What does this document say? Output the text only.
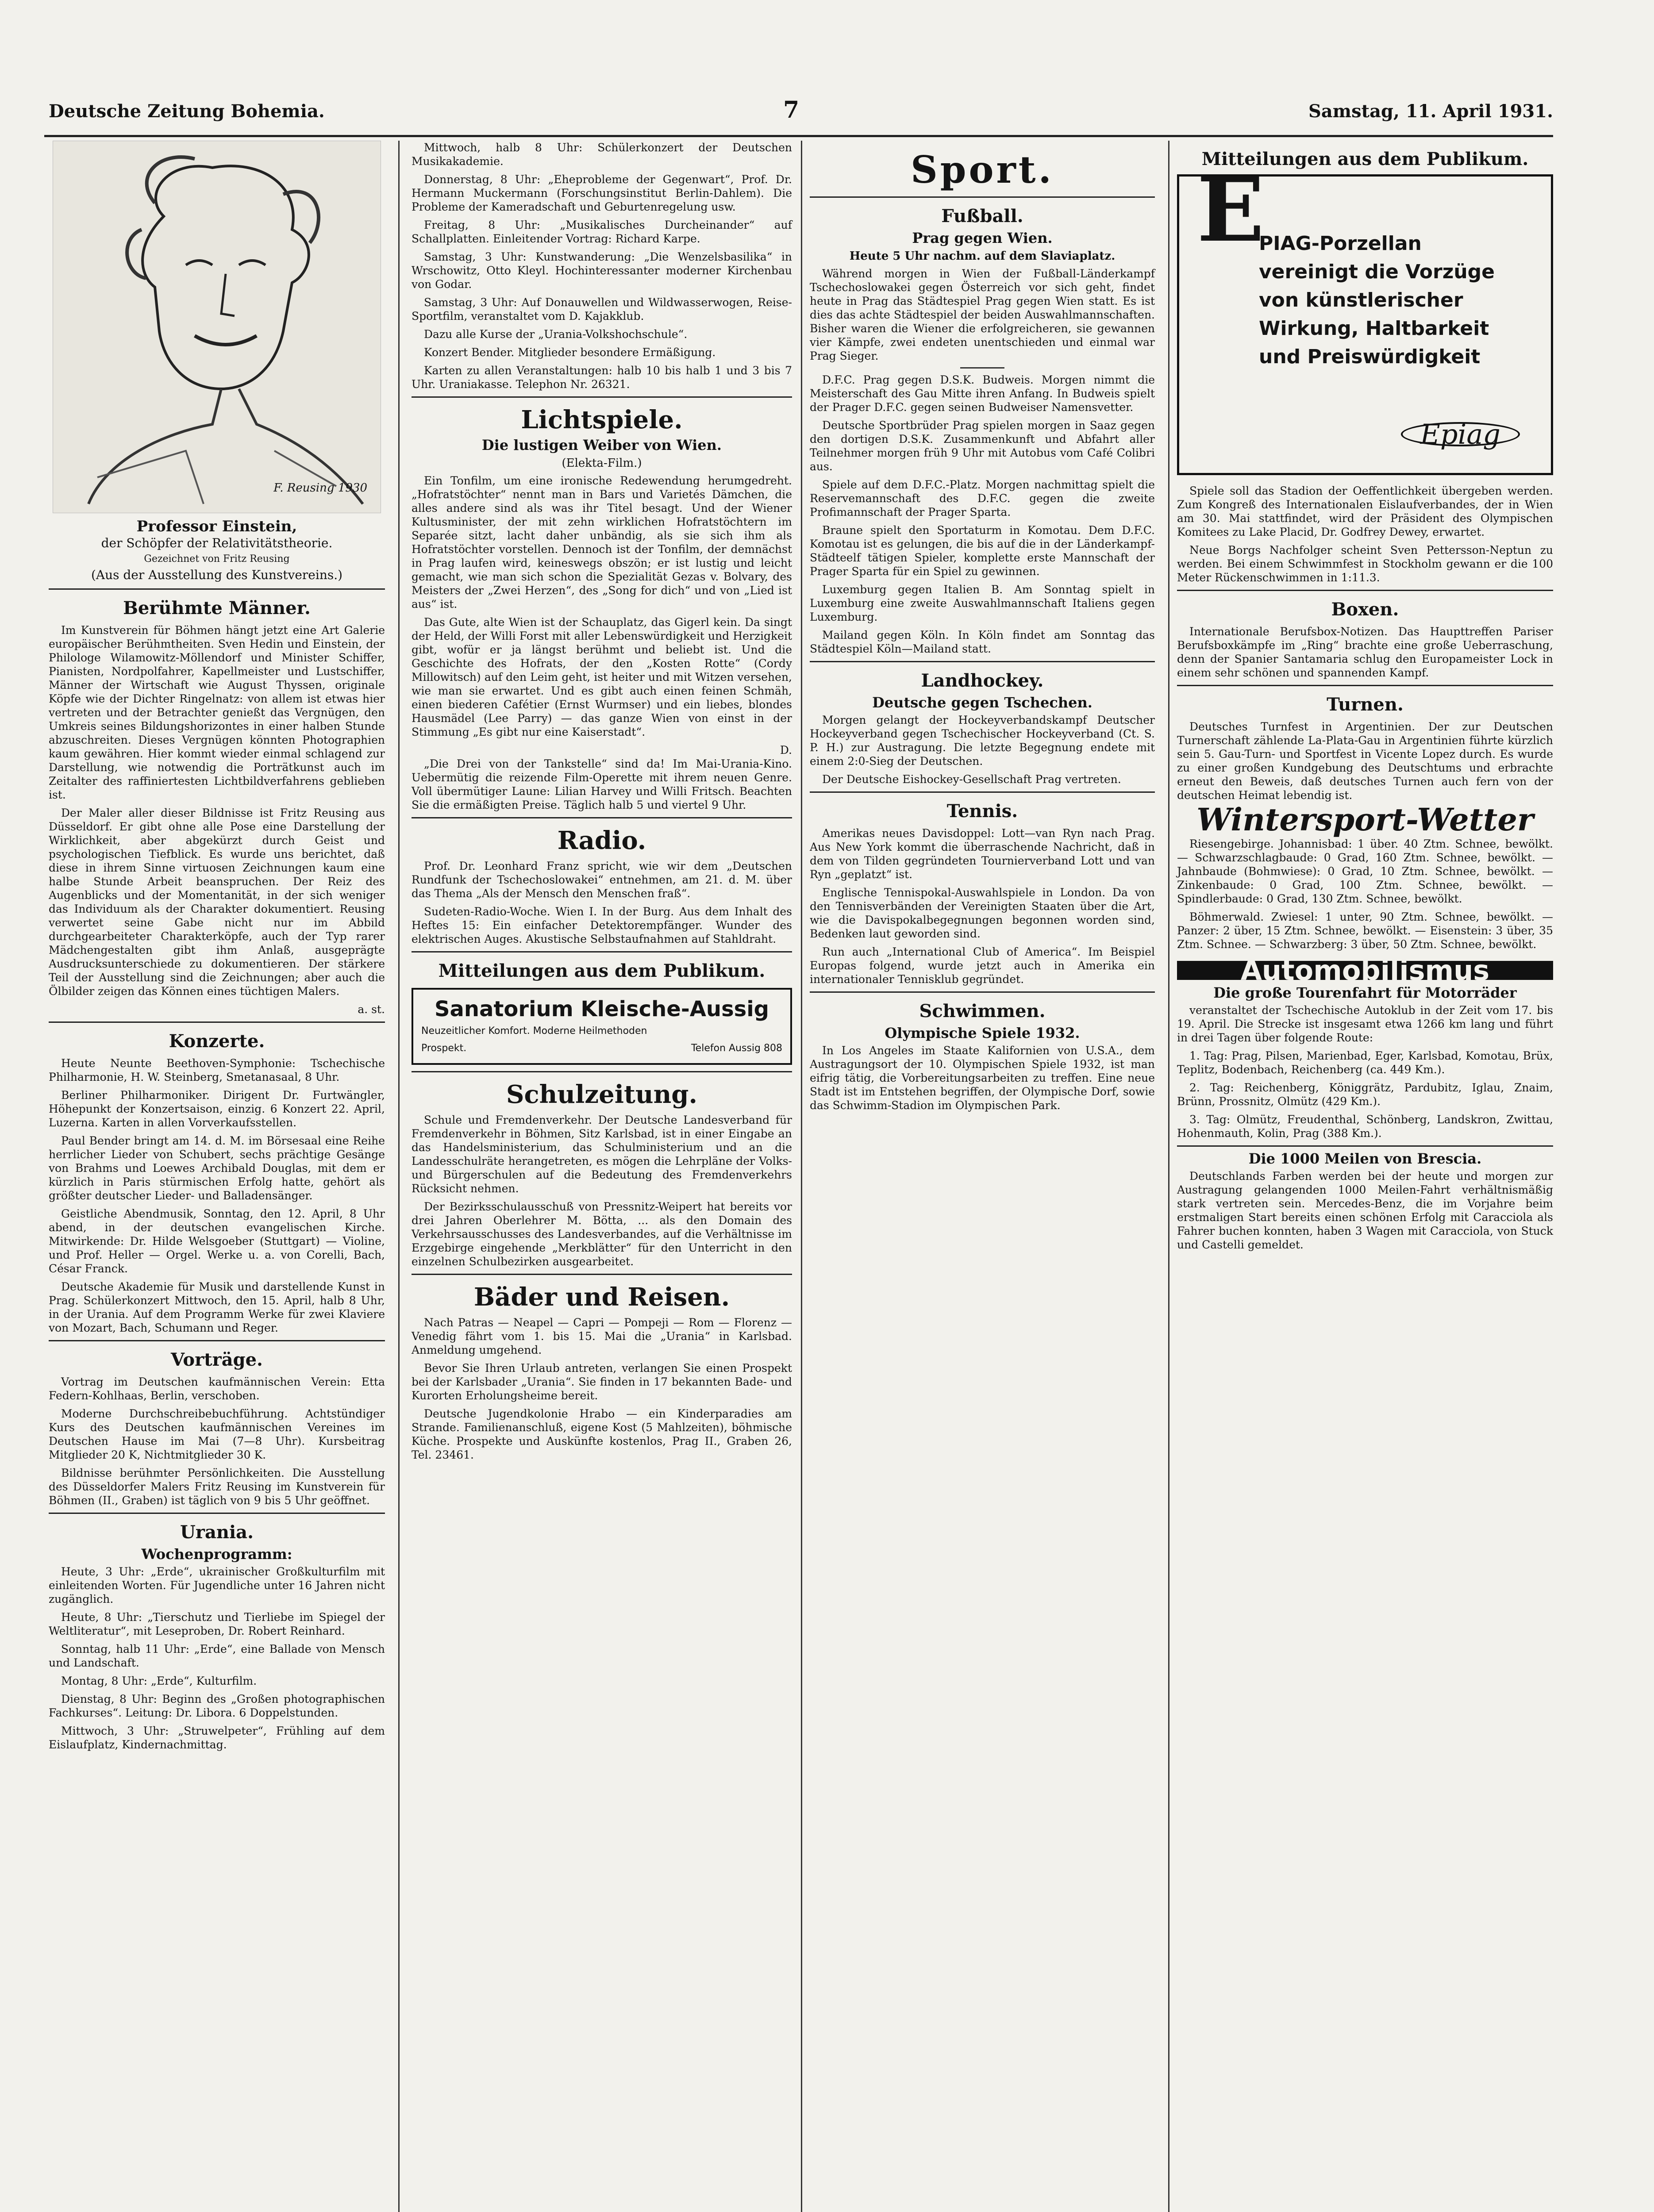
Deutsche Zeitung Bohemia.	7	Samstag, 11. April 1931.
F. Reusing 1930
Professor Einstein,
der Schöpfer der Relativitätstheorie.
Gezeichnet von Fritz Reusing
(Aus der Ausstellung des Kunstvereins.)
Berühmte Männer.

Im Kunstverein für Böhmen hängt jetzt eine Art Galerie europäischer Berühmtheiten. Sven Hedin und Einstein, der Philologe Wilamowitz-Möllendorf und Minister Schiffer, Pianisten, Nordpolfahrer, Kapellmeister und Lustschiffer, Männer der Wirtschaft wie August Thyssen, originale Köpfe wie der Dichter Ringelnatz: von allem ist etwas hier vertreten und der Betrachter genießt das Vergnügen, den Umkreis seines Bildungshorizontes in einer halben Stunde abzuschreiten. Dieses Vergnügen könnten Photographien kaum gewähren. Hier kommt wieder einmal schlagend zur Darstellung, wie notwendig die Porträtkunst auch im Zeitalter des raffiniertesten Lichtbildverfahrens geblieben ist.

Der Maler aller dieser Bildnisse ist Fritz Reusing aus Düsseldorf. Er gibt ohne alle Pose eine Darstellung der Wirklichkeit, aber abgekürzt durch Geist und psychologischen Tiefblick. Es wurde uns berichtet, daß diese in ihrem Sinne virtuosen Zeichnungen kaum eine halbe Stunde Arbeit beanspruchen. Der Reiz des Augenblicks und der Momentanität, in der sich weniger das Individuum als der Charakter dokumentiert. Reusing verwertet seine Gabe nicht nur im Abbild durchgearbeiteter Charakterköpfe, auch der Typ rarer Mädchengestalten gibt ihm Anlaß, ausgeprägte Ausdrucksunterschiede zu dokumentieren. Der stärkere Teil der Ausstellung sind die Zeichnungen; aber auch die Ölbilder zeigen das Können eines tüchtigen Malers.

a. st.
Konzerte.

Heute Neunte Beethoven-Symphonie: Tschechische Philharmonie, H. W. Steinberg, Smetanasaal, 8 Uhr.

Berliner Philharmoniker. Dirigent Dr. Furtwängler, Höhepunkt der Konzertsaison, einzig. 6 Konzert 22. April, Luzerna. Karten in allen Vorverkaufsstellen.

Paul Bender bringt am 14. d. M. im Börsesaal eine Reihe herrlicher Lieder von Schubert, sechs prächtige Gesänge von Brahms und Loewes Archibald Douglas, mit dem er kürzlich in Paris stürmischen Erfolg hatte, gehört als größter deutscher Lieder- und Balladensänger.

Geistliche Abendmusik, Sonntag, den 12. April, 8 Uhr abend, in der deutschen evangelischen Kirche. Mitwirkende: Dr. Hilde Welsgoeber (Stuttgart) — Violine, und Prof. Heller — Orgel. Werke u. a. von Corelli, Bach, César Franck.

Deutsche Akademie für Musik und darstellende Kunst in Prag. Schülerkonzert Mittwoch, den 15. April, halb 8 Uhr, in der Urania. Auf dem Programm Werke für zwei Klaviere von Mozart, Bach, Schumann und Reger.

Vorträge.

Vortrag im Deutschen kaufmännischen Verein: Etta Federn-Kohlhaas, Berlin, verschoben.

Moderne Durchschreibebuchführung. Achtstündiger Kurs des Deutschen kaufmännischen Vereines im Deutschen Hause im Mai (7—8 Uhr). Kursbeitrag Mitglieder 20 K, Nichtmitglieder 30 K.

Bildnisse berühmter Persönlichkeiten. Die Ausstellung des Düsseldorfer Malers Fritz Reusing im Kunstverein für Böhmen (II., Graben) ist täglich von 9 bis 5 Uhr geöffnet.

Urania.
Wochenprogramm:

Heute, 3 Uhr: „Erde“, ukrainischer Großkulturfilm mit einleitenden Worten. Für Jugendliche unter 16 Jahren nicht zugänglich.

Heute, 8 Uhr: „Tierschutz und Tierliebe im Spiegel der Weltliteratur“, mit Leseproben, Dr. Robert Reinhard.

Sonntag, halb 11 Uhr: „Erde“, eine Ballade von Mensch und Landschaft.

Montag, 8 Uhr: „Erde“, Kulturfilm.

Dienstag, 8 Uhr: Beginn des „Großen photographischen Fachkurses“. Leitung: Dr. Libora. 6 Doppelstunden.

Mittwoch, 3 Uhr: „Struwelpeter“, Frühling auf dem Eislaufplatz, Kindernachmittag.

Mittwoch, halb 8 Uhr: Schülerkonzert der Deutschen Musikakademie.

Donnerstag, 8 Uhr: „Eheprobleme der Gegenwart“, Prof. Dr. Hermann Muckermann (Forschungsinstitut Berlin-Dahlem). Die Probleme der Kameradschaft und Geburtenregelung usw.

Freitag, 8 Uhr: „Musikalisches Durcheinander“ auf Schallplatten. Einleitender Vortrag: Richard Karpe.

Samstag, 3 Uhr: Kunstwanderung: „Die Wenzelsbasilika“ in Wrschowitz, Otto Kleyl. Hochinteressanter moderner Kirchenbau von Godar.

Samstag, 3 Uhr: Auf Donauwellen und Wildwasserwogen, Reise-Sportfilm, veranstaltet vom D. Kajakklub.

Dazu alle Kurse der „Urania-Volkshochschule“.

Konzert Bender. Mitglieder besondere Ermäßigung.

Karten zu allen Veranstaltungen: halb 10 bis halb 1 und 3 bis 7 Uhr. Uraniakasse. Telephon Nr. 26321.

Lichtspiele.
Die lustigen Weiber von Wien.
(Elekta-Film.)

Ein Tonfilm, um eine ironische Redewendung herumgedreht. „Hofratstöchter“ nennt man in Bars und Varietés Dämchen, die alles andere sind als was ihr Titel besagt. Und der Wiener Kultusminister, der mit zehn wirklichen Hofratstöchtern im Separée sitzt, lacht daher unbändig, als sie sich ihm als Hofratstöchter vorstellen. Dennoch ist der Tonfilm, der demnächst in Prag laufen wird, keineswegs obszön; er ist lustig und leicht gemacht, wie man sich schon die Spezialität Gezas v. Bolvary, des Meisters der „Zwei Herzen“, des „Song for dich“ und von „Lied ist aus“ ist.

Das Gute, alte Wien ist der Schauplatz, das Gigerl kein. Da singt der Held, der Willi Forst mit aller Lebenswürdigkeit und Herzigkeit gibt, wofür er ja längst berühmt und beliebt ist. Und die Geschichte des Hofrats, der den „Kosten Rotte“ (Cordy Millowitsch) auf den Leim geht, ist heiter und mit Witzen versehen, wie man sie erwartet. Und es gibt auch einen feinen Schmäh, einen biederen Cafétier (Ernst Wurmser) und ein liebes, blondes Hausmädel (Lee Parry) — das ganze Wien von einst in der Stimmung „Es gibt nur eine Kaiserstadt“.

D.

„Die Drei von der Tankstelle“ sind da! Im Mai-Urania-Kino. Uebermütig die reizende Film-Operette mit ihrem neuen Genre. Voll übermütiger Laune: Lilian Harvey und Willi Fritsch. Beachten Sie die ermäßigten Preise. Täglich halb 5 und viertel 9 Uhr.

Radio.

Prof. Dr. Leonhard Franz spricht, wie wir dem „Deutschen Rundfunk der Tschechoslowakei“ entnehmen, am 21. d. M. über das Thema „Als der Mensch den Menschen fraß“.

Sudeten-Radio-Woche. Wien I. In der Burg. Aus dem Inhalt des Heftes 15: Ein einfacher Detektorempfänger. Wunder des elektrischen Auges. Akustische Selbstaufnahmen auf Stahldraht.

Mitteilungen aus dem Publikum.
Sanatorium Kleische-Aussig
Neuzeitlicher Komfort. Moderne Heilmethoden
Prospekt.	Telefon Aussig 808
Schulzeitung.

Schule und Fremdenverkehr. Der Deutsche Landesverband für Fremdenverkehr in Böhmen, Sitz Karlsbad, ist in einer Eingabe an das Handelsministerium, das Schulministerium und an die Landesschulräte herangetreten, es mögen die Lehrpläne der Volks- und Bürgerschulen auf die Bedeutung des Fremdenverkehrs Rücksicht nehmen.

Der Bezirksschulausschuß von Pressnitz-Weipert hat bereits vor drei Jahren Oberlehrer M. Bötta, ... als den Domain des Verkehrsausschusses des Landesverbandes, auf die Verhältnisse im Erzgebirge eingehende „Merkblätter“ für den Unterricht in den einzelnen Schulbezirken ausgearbeitet.

Bäder und Reisen.

Nach Patras — Neapel — Capri — Pompeji — Rom — Florenz — Venedig fährt vom 1. bis 15. Mai die „Urania“ in Karlsbad. Anmeldung umgehend.

Bevor Sie Ihren Urlaub antreten, verlangen Sie einen Prospekt bei der Karlsbader „Urania“. Sie finden in 17 bekannten Bade- und Kurorten Erholungsheime bereit.

Deutsche Jugendkolonie Hrabo — ein Kinderparadies am Strande. Familienanschluß, eigene Kost (5 Mahlzeiten), böhmische Küche. Prospekte und Auskünfte kostenlos, Prag II., Graben 26, Tel. 23461.

Sport.
Fußball.
Prag gegen Wien.
Heute 5 Uhr nachm. auf dem Slaviaplatz.

Während morgen in Wien der Fußball-Länderkampf Tschechoslowakei gegen Österreich vor sich geht, findet heute in Prag das Städtespiel Prag gegen Wien statt. Es ist dies das achte Städtespiel der beiden Auswahlmannschaften. Bisher waren die Wiener die erfolgreicheren, sie gewannen vier Kämpfe, zwei endeten unentschieden und einmal war Prag Sieger.

D.F.C. Prag gegen D.S.K. Budweis. Morgen nimmt die Meisterschaft des Gau Mitte ihren Anfang. In Budweis spielt der Prager D.F.C. gegen seinen Budweiser Namensvetter.

Deutsche Sportbrüder Prag spielen morgen in Saaz gegen den dortigen D.S.K. Zusammenkunft und Abfahrt aller Teilnehmer morgen früh 9 Uhr mit Autobus vom Café Colibri aus.

Spiele auf dem D.F.C.-Platz. Morgen nachmittag spielt die Reservemannschaft des D.F.C. gegen die zweite Profimannschaft der Prager Sparta.

Braune spielt den Sportaturm in Komotau. Dem D.F.C. Komotau ist es gelungen, die bis auf die in der Länderkampf-Städteelf tätigen Spieler, komplette erste Mannschaft der Prager Sparta für ein Spiel zu gewinnen.

Luxemburg gegen Italien B. Am Sonntag spielt in Luxemburg eine zweite Auswahlmannschaft Italiens gegen Luxemburg.

Mailand gegen Köln. In Köln findet am Sonntag das Städtespiel Köln—Mailand statt.

Landhockey.
Deutsche gegen Tschechen.

Morgen gelangt der Hockeyverbandskampf Deutscher Hockeyverband gegen Tschechischer Hockeyverband (Ct. S. P. H.) zur Austragung. Die letzte Begegnung endete mit einem 2:0-Sieg der Deutschen.

Der Deutsche Eishockey-Gesellschaft Prag vertreten.

Tennis.

Amerikas neues Davisdoppel: Lott—van Ryn nach Prag. Aus New York kommt die überraschende Nachricht, daß in dem von Tilden gegründeten Tournierverband Lott und van Ryn „geplatzt“ ist.

Englische Tennispokal-Auswahlspiele in London. Da von den Tennisverbänden der Vereinigten Staaten über die Art, wie die Davispokalbegegnungen begonnen worden sind, Bedenken laut geworden sind.

Run auch „International Club of America“. Im Beispiel Europas folgend, wurde jetzt auch in Amerika ein internationaler Tennisklub gegründet.

Schwimmen.
Olympische Spiele 1932.

In Los Angeles im Staate Kalifornien von U.S.A., dem Austragungsort der 10. Olympischen Spiele 1932, ist man eifrig tätig, die Vorbereitungsarbeiten zu treffen. Eine neue Stadt ist im Entstehen begriffen, der Olympische Dorf, sowie das Schwimm-Stadion im Olympischen Park.

Mitteilungen aus dem Publikum.
E
PIAG-Porzellan
vereinigt die Vorzüge
von künstlerischer
Wirkung, Haltbarkeit
und Preiswürdigkeit
Epiag

Spiele soll das Stadion der Oeffentlichkeit übergeben werden. Zum Kongreß des Internationalen Eislaufverbandes, der in Wien am 30. Mai stattfindet, wird der Präsident des Olympischen Komitees zu Lake Placid, Dr. Godfrey Dewey, erwartet.

Neue Borgs Nachfolger scheint Sven Pettersson-Neptun zu werden. Bei einem Schwimmfest in Stockholm gewann er die 100 Meter Rückenschwimmen in 1:11.3.

Boxen.

Internationale Berufsbox-Notizen. Das Haupttreffen Pariser Berufsboxkämpfe im „Ring“ brachte eine große Ueberraschung, denn der Spanier Santamaria schlug den Europameister Lock in einem sehr schönen und spannenden Kampf.

Turnen.

Deutsches Turnfest in Argentinien. Der zur Deutschen Turnerschaft zählende La-Plata-Gau in Argentinien führte kürzlich sein 5. Gau-Turn- und Sportfest in Vicente Lopez durch. Es wurde zu einer großen Kundgebung des Deutschtums und erbrachte erneut den Beweis, daß deutsches Turnen auch fern von der deutschen Heimat lebendig ist.

Wintersport-Wetter

Riesengebirge. Johannisbad: 1 über. 40 Ztm. Schnee, bewölkt. — Schwarzschlagbaude: 0 Grad, 160 Ztm. Schnee, bewölkt. — Jahnbaude (Bohmwiese): 0 Grad, 10 Ztm. Schnee, bewölkt. — Zinkenbaude: 0 Grad, 100 Ztm. Schnee, bewölkt. — Spindlerbaude: 0 Grad, 130 Ztm. Schnee, bewölkt.

Böhmerwald. Zwiesel: 1 unter, 90 Ztm. Schnee, bewölkt. — Panzer: 2 über, 15 Ztm. Schnee, bewölkt. — Eisenstein: 3 über, 35 Ztm. Schnee. — Schwarzberg: 3 über, 50 Ztm. Schnee, bewölkt.

Automobilismus
Die große Tourenfahrt für Motorräder

veranstaltet der Tschechische Autoklub in der Zeit vom 17. bis 19. April. Die Strecke ist insgesamt etwa 1266 km lang und führt in drei Tagen über folgende Route:

1. Tag: Prag, Pilsen, Marienbad, Eger, Karlsbad, Komotau, Brüx, Teplitz, Bodenbach, Reichenberg (ca. 449 Km.).

2. Tag: Reichenberg, Königgrätz, Pardubitz, Iglau, Znaim, Brünn, Prossnitz, Olmütz (429 Km.).

3. Tag: Olmütz, Freudenthal, Schönberg, Landskron, Zwittau, Hohenmauth, Kolin, Prag (388 Km.).

Die 1000 Meilen von Brescia.

Deutschlands Farben werden bei der heute und morgen zur Austragung gelangenden 1000 Meilen-Fahrt verhältnismäßig stark vertreten sein. Mercedes-Benz, die im Vorjahre beim erstmaligen Start bereits einen schönen Erfolg mit Caracciola als Fahrer buchen konnten, haben 3 Wagen mit Caracciola, von Stuck und Castelli gemeldet.
